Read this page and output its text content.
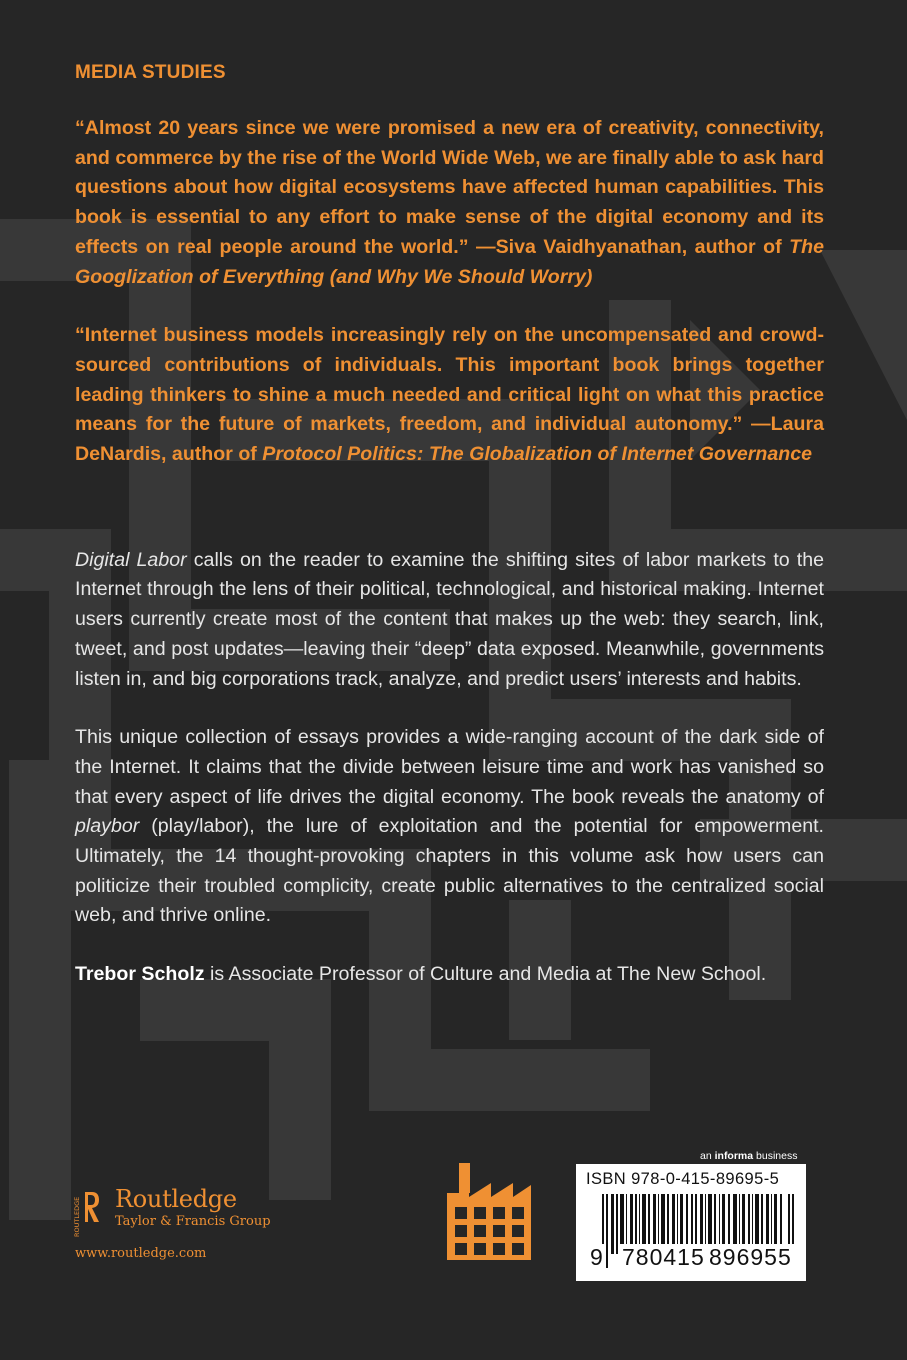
MEDIA STUDIES

“Almost 20 years since we were promised a new era of creativity, connectivity, and commerce by the rise of the World Wide Web, we are finally able to ask hard questions about how digital ecosystems have affected human capabilities. This book is essential to any effort to make sense of the digital economy and its effects on real people around the world.” —Siva Vaidhyanathan, author of The Googlization of Everything (and Why We Should Worry)

“Internet business models increasingly rely on the uncompensated and crowd-sourced contributions of individuals. This important book brings together leading thinkers to shine a much needed and critical light on what this practice means for the future of markets, freedom, and individual autonomy.” —Laura DeNardis, author of Protocol Politics: The Globalization of Internet Governance

Digital Labor calls on the reader to examine the shifting sites of labor markets to the Internet through the lens of their political, technological, and historical making. Internet users currently create most of the content that makes up the web: they search, link, tweet, and post updates—leaving their “deep” data exposed. Meanwhile, governments listen in, and big corporations track, analyze, and predict users’ interests and habits.

This unique collection of essays provides a wide-ranging account of the dark side of the Internet. It claims that the divide between leisure time and work has vanished so that every aspect of life drives the digital economy. The book reveals the anatomy of playbor (play/labor), the lure of exploitation and the potential for empowerment. Ultimately, the 14 thought-provoking chapters in this volume ask how users can politicize their troubled complicity, create public alternatives to the centralized social web, and thrive online.

Trebor Scholz is Associate Professor of Culture and Media at The New School.

ROUTLEDGE Routledge
Taylor & Francis Group
www.routledge.com
an informa business
ISBN 978-0-415-89695-5
9 780415 896955
